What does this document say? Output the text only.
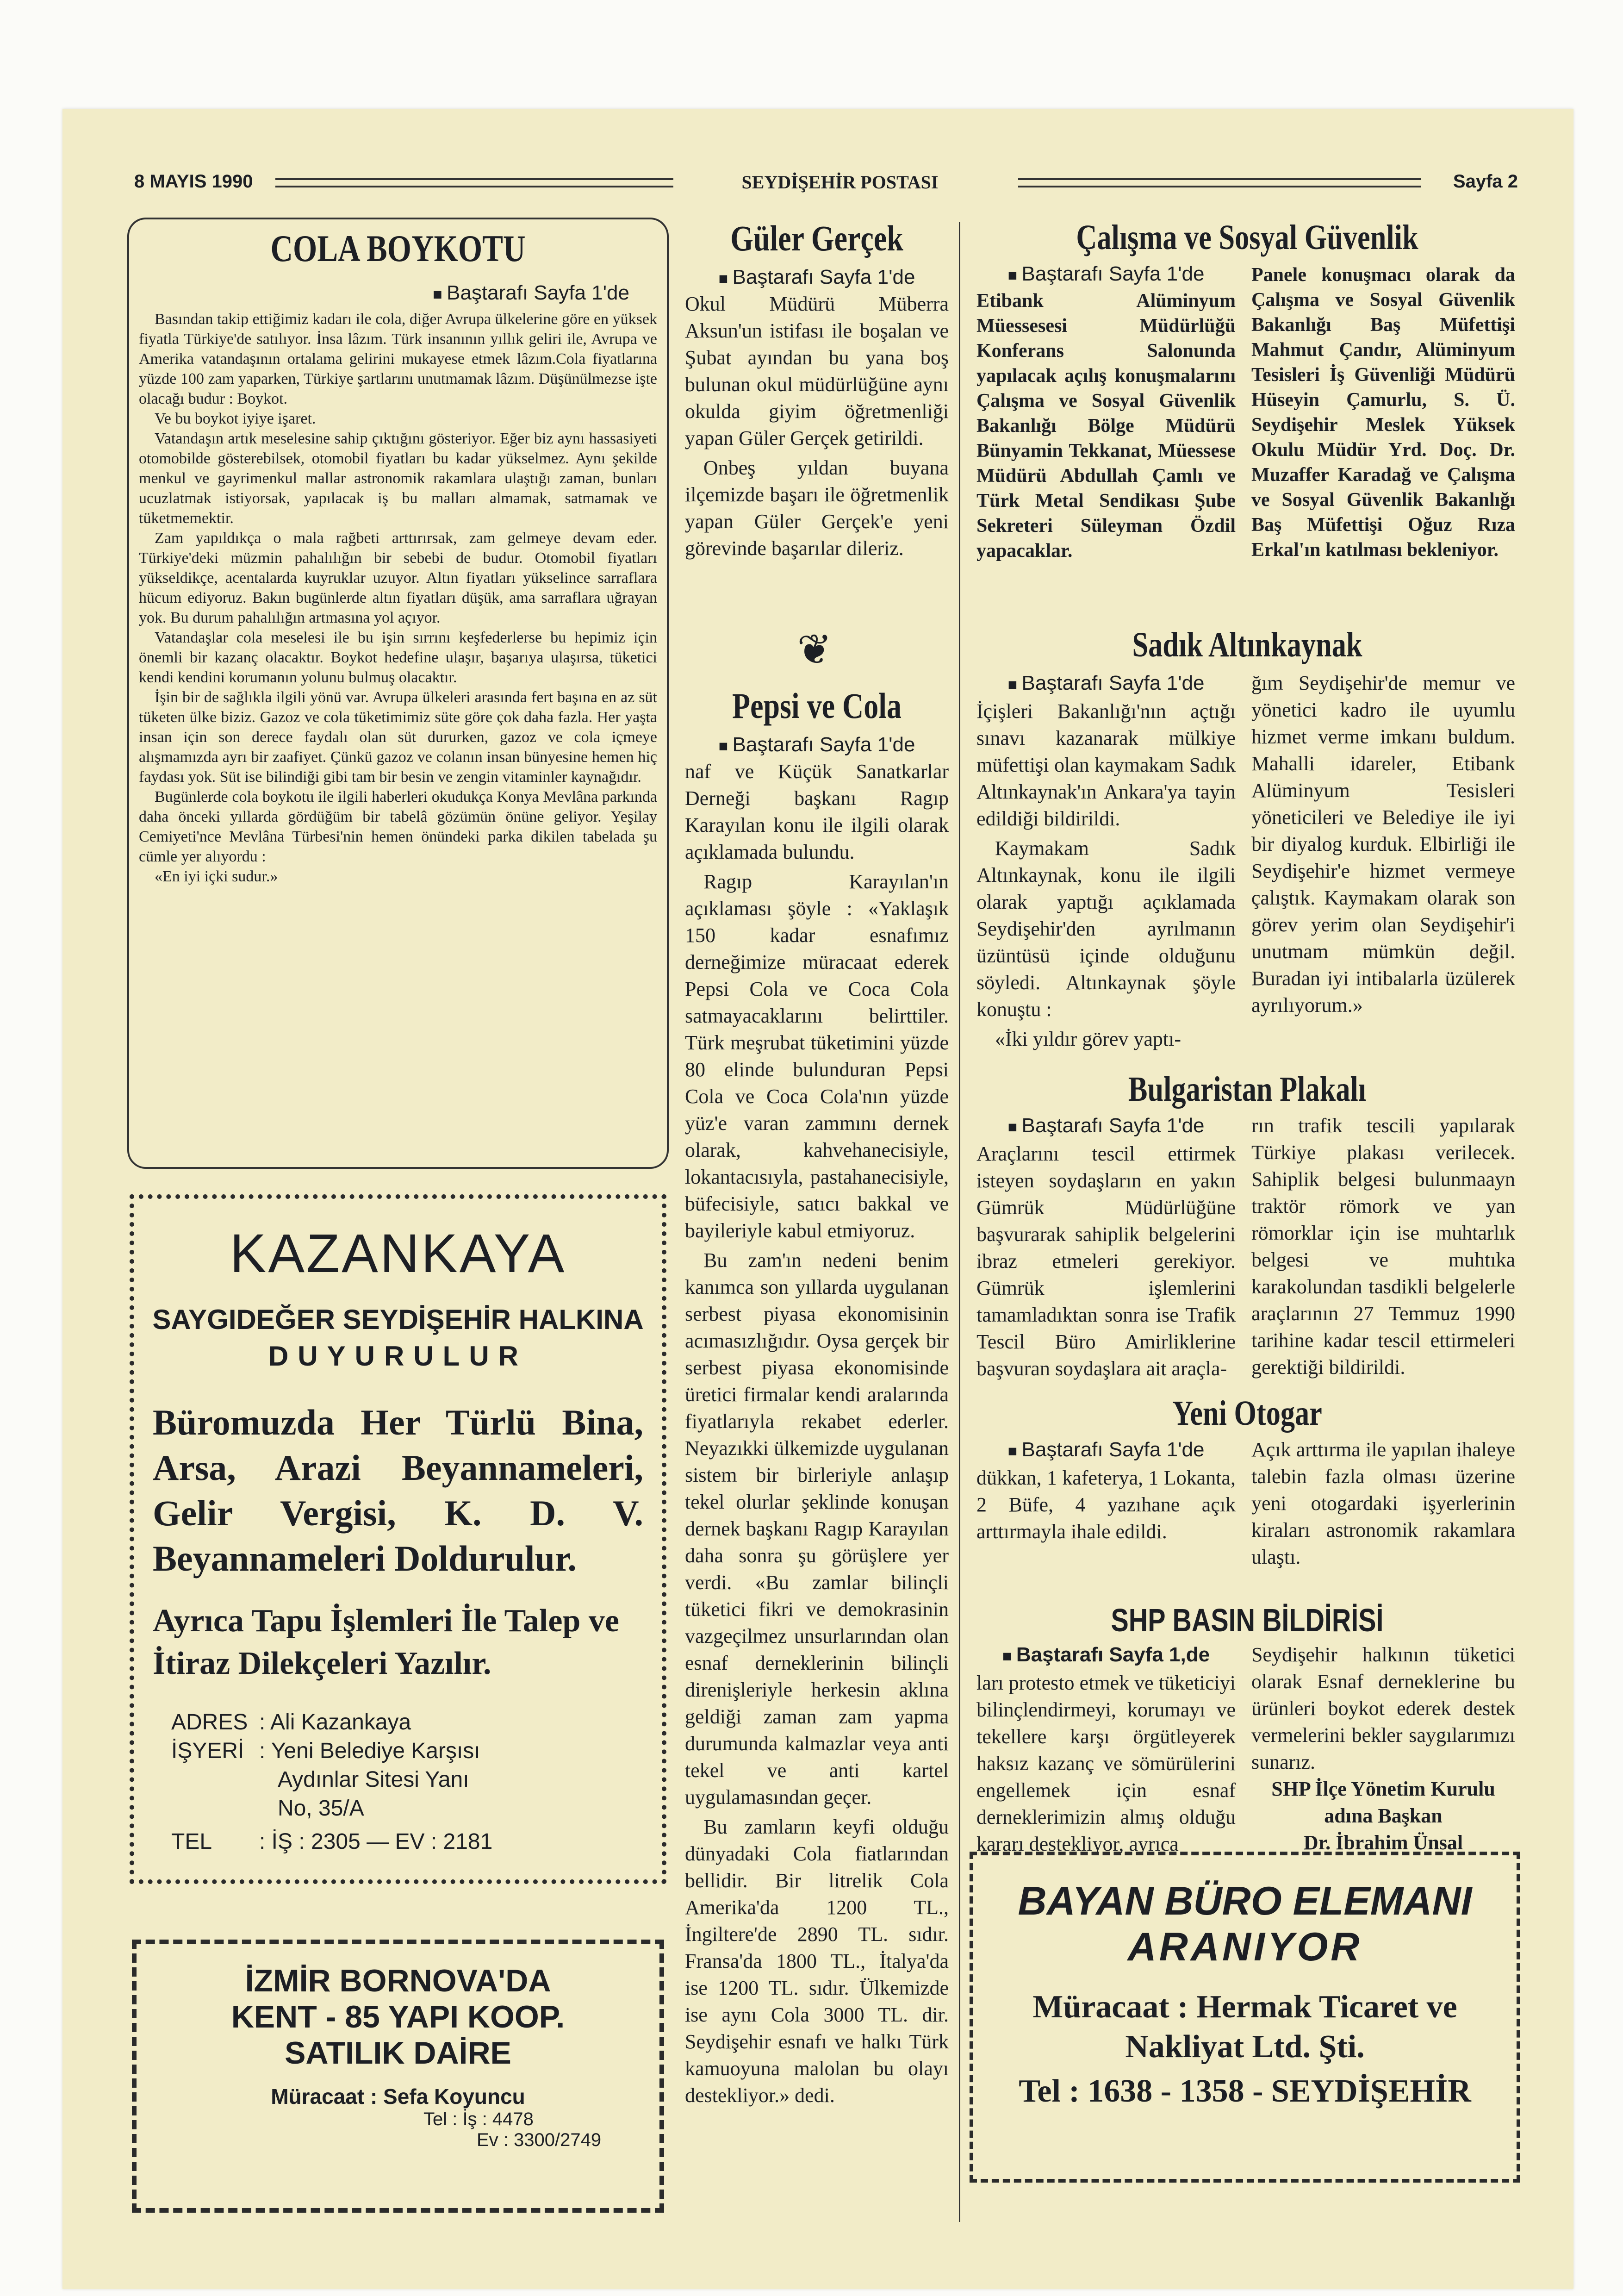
8 MAYIS 1990	SEYDİŞEHİR POSTASI	Sayfa 2
COLA BOYKOTU
■ Baştarafı Sayfa 1'de

Basından takip ettiğimiz kadarı ile cola, diğer Avrupa ülkelerine göre en yüksek fiyatla Türkiye'de satılıyor. İnsa lâzım. Türk insanının yıllık geliri ile, Avrupa ve Amerika vatandaşının ortalama gelirini mukayese etmek lâzım.Cola fiyatlarına yüzde 100 zam yaparken, Türkiye şartlarını unutmamak lâzım. Düşünülmezse işte olacağı budur : Boykot.

Ve bu boykot iyiye işaret.

Vatandaşın artık meselesine sahip çıktığını gösteriyor. Eğer biz aynı hassasiyeti otomobilde gösterebilsek, otomobil fiyatları bu kadar yükselmez. Aynı şekilde menkul ve gayrimenkul mallar astronomik rakamlara ulaştığı zaman, bunları ucuzlatmak istiyorsak, yapılacak iş bu malları almamak, satmamak ve tüketmemektir.

Zam yapıldıkça o mala rağbeti arttırırsak, zam gelmeye devam eder. Türkiye'deki müzmin pahalılığın bir sebebi de budur. Otomobil fiyatları yükseldikçe, acentalarda kuyruklar uzuyor. Altın fiyatları yükselince sarraflara hücum ediyoruz. Bakın bugünlerde altın fiyatları düşük, ama sarraflara uğrayan yok. Bu durum pahalılığın artmasına yol açıyor.

Vatandaşlar cola meselesi ile bu işin sırrını keşfederlerse bu hepimiz için önemli bir kazanç olacaktır. Boykot hedefine ulaşır, başarıya ulaşırsa, tüketici kendi kendini korumanın yolunu bulmuş olacaktır.

İşin bir de sağlıkla ilgili yönü var. Avrupa ülkeleri arasında fert başına en az süt tüketen ülke biziz. Gazoz ve cola tüketimimiz süte göre çok daha fazla. Her yaşta insan için son derece faydalı olan süt dururken, gazoz ve cola içmeye alışmamızda ayrı bir zaafiyet. Çünkü gazoz ve colanın insan bünyesine hemen hiç faydası yok. Süt ise bilindiği gibi tam bir besin ve zengin vitaminler kaynağıdır.

Bugünlerde cola boykotu ile ilgili haberleri okudukça Konya Mevlâna parkında daha önceki yıllarda gördüğüm bir tabelâ gözümün önüne geliyor. Yeşilay Cemiyeti'nce Mevlâna Türbesi'nin hemen önündeki parka dikilen tabelada şu cümle yer alıyordu :

«En iyi içki sudur.»

KAZANKAYA
SAYGIDEĞER SEYDİŞEHİR HALKINA
DUYURULUR
Büromuzda Her Türlü Bina, Arsa, Arazi Beyannameleri, Gelir Vergisi, K. D. V. Beyannameleri Doldurulur.
Ayrıca Tapu İşlemleri İle Talep ve İtiraz Dilekçeleri Yazılır.
ADRES : Ali Kazankaya
İŞYERİ : Yeni Belediye Karşısı
Aydınlar Sitesi Yanı
No, 35/A
TEL : İŞ : 2305 — EV : 2181
İZMİR BORNOVA'DA
KENT - 85 YAPI KOOP.
SATILIK DAİRE
Müracaat : Sefa Koyuncu
Tel : İş : 4478
Ev : 3300/2749
Güler Gerçek
■ Baştarafı Sayfa 1'de

Okul Müdürü Müberra Aksun'un istifası ile boşalan ve Şubat ayından bu yana boş bulunan okul müdürlüğüne aynı okulda giyim öğretmenliği yapan Güler Gerçek getirildi.

Onbeş yıldan buyana ilçemizde başarı ile öğretmenlik yapan Güler Gerçek'e yeni görevinde başarılar dileriz.

❦
Pepsi ve Cola
■ Baştarafı Sayfa 1'de

naf ve Küçük Sanatkarlar Derneği başkanı Ragıp Karayılan konu ile ilgili olarak açıklamada bulundu.

Ragıp Karayılan'ın açıklaması şöyle : «Yaklaşık 150 kadar esnafımız derneğimize müracaat ederek Pepsi Cola ve Coca Cola satmayacaklarını belirttiler. Türk meşrubat tüketimini yüzde 80 elinde bulunduran Pepsi Cola ve Coca Cola'nın yüzde yüz'e varan zammını dernek olarak, kahvehanecisiyle, lokantacısıyla, pastahanecisiyle, büfecisiyle, satıcı bakkal ve bayileriyle kabul etmiyoruz.

Bu zam'ın nedeni benim kanımca son yıllarda uygulanan serbest piyasa ekonomisinin acımasızlığıdır. Oysa gerçek bir serbest piyasa ekonomisinde üretici firmalar kendi aralarında fiyatlarıyla rekabet ederler. Neyazıkki ülkemizde uygulanan sistem bir birleriyle anlaşıp tekel olurlar şeklinde konuşan dernek başkanı Ragıp Karayılan daha sonra şu görüşlere yer verdi. «Bu zamlar bilinçli tüketici fikri ve demokrasinin vazgeçilmez unsurlarından olan esnaf derneklerinin bilinçli direnişleriyle herkesin aklına geldiği zaman zam yapma durumunda kalmazlar veya anti tekel ve anti kartel uygulamasından geçer.

Bu zamların keyfi olduğu dünyadaki Cola fiatlarından bellidir. Bir litrelik Cola Amerika'da 1200 TL., İngiltere'de 2890 TL. sıdır. Fransa'da 1800 TL., İtalya'da ise 1200 TL. sıdır. Ülkemizde ise aynı Cola 3000 TL. dir. Seydişehir esnafı ve halkı Türk kamuoyuna malolan bu olayı destekliyor.» dedi.

Çalışma ve Sosyal Güvenlik
■ Baştarafı Sayfa 1'de
Etibank Alüminyum Müessesesi Müdürlüğü Konferans Salonunda yapılacak açılış konuşmalarını Çalışma ve Sosyal Güvenlik Bakanlığı Bölge Müdürü Bünyamin Tekkanat, Müessese Müdürü Abdullah Çamlı ve Türk Metal Sendikası Şube Sekreteri Süleyman Özdil yapacaklar.
Panele konuşmacı olarak da Çalışma ve Sosyal Güvenlik Bakanlığı Baş Müfettişi Mahmut Çandır, Alüminyum Tesisleri İş Güvenliği Müdürü Hüseyin Çamurlu, S. Ü. Seydişehir Meslek Yüksek Okulu Müdür Yrd. Doç. Dr. Muzaffer Karadağ ve Çalışma ve Sosyal Güvenlik Bakanlığı Baş Müfettişi Oğuz Rıza Erkal'ın katılması bekleniyor.
Sadık Altınkaynak
■ Baştarafı Sayfa 1'de

İçişleri Bakanlığı'nın açtığı sınavı kazanarak mülkiye müfettişi olan kaymakam Sadık Altınkaynak'ın Ankara'ya tayin edildiği bildirildi.

Kaymakam Sadık Altınkaynak, konu ile ilgili olarak yaptığı açıklamada Seydişehir'den ayrılmanın üzüntüsü içinde olduğunu söyledi. Altınkaynak şöyle konuştu :

«İki yıldır görev yaptı-

ğım Seydişehir'de memur ve yönetici kadro ile uyumlu hizmet verme imkanı buldum. Mahalli idareler, Etibank Alüminyum Tesisleri yöneticileri ve Belediye ile iyi bir diyalog kurduk. Elbirliği ile Seydişehir'e hizmet vermeye çalıştık. Kaymakam olarak son görev yerim olan Seydişehir'i unutmam mümkün değil. Buradan iyi intibalarla üzülerek ayrılıyorum.»
Bulgaristan Plakalı
■ Baştarafı Sayfa 1'de
Araçlarını tescil ettirmek isteyen soydaşların en yakın Gümrük Müdürlüğüne başvurarak sahiplik belgelerini ibraz etmeleri gerekiyor. Gümrük işlemlerini tamamladıktan sonra ise Trafik Tescil Büro Amirliklerine başvuran soydaşlara ait araçla-
rın trafik tescili yapılarak Türkiye plakası verilecek. Sahiplik belgesi bulunmaayn traktör römork ve yan römorklar için ise muhtarlık belgesi ve muhtıka karakolundan tasdikli belgelerle araçlarının 27 Temmuz 1990 tarihine kadar tescil ettirmeleri gerektiği bildirildi.
Yeni Otogar
■ Baştarafı Sayfa 1'de
dükkan, 1 kafeterya, 1 Lokanta, 2 Büfe, 4 yazıhane açık arttırmayla ihale edildi.
Açık arttırma ile yapılan ihaleye talebin fazla olması üzerine yeni otogardaki işyerlerinin kiraları astronomik rakamlara ulaştı.
SHP BASIN BİLDİRİSİ
■ Baştarafı Sayfa 1,de
ları protesto etmek ve tüketiciyi bilinçlendirmeyi, korumayı ve tekellere karşı örgütleyerek haksız kazanç ve sömürülerini engellemek için esnaf derneklerimizin almış olduğu kararı destekliyor, ayrıca
Seydişehir halkının tüketici olarak Esnaf derneklerine bu ürünleri boykot ederek destek vermelerini bekler saygılarımızı sunarız.
SHP İlçe Yönetim Kurulu
adına Başkan
Dr. İbrahim Ünsal
BAYAN BÜRO ELEMANI
ARANIYOR
Müracaat : Hermak Ticaret ve
Nakliyat Ltd. Şti.
Tel : 1638 - 1358 - SEYDİŞEHİR
